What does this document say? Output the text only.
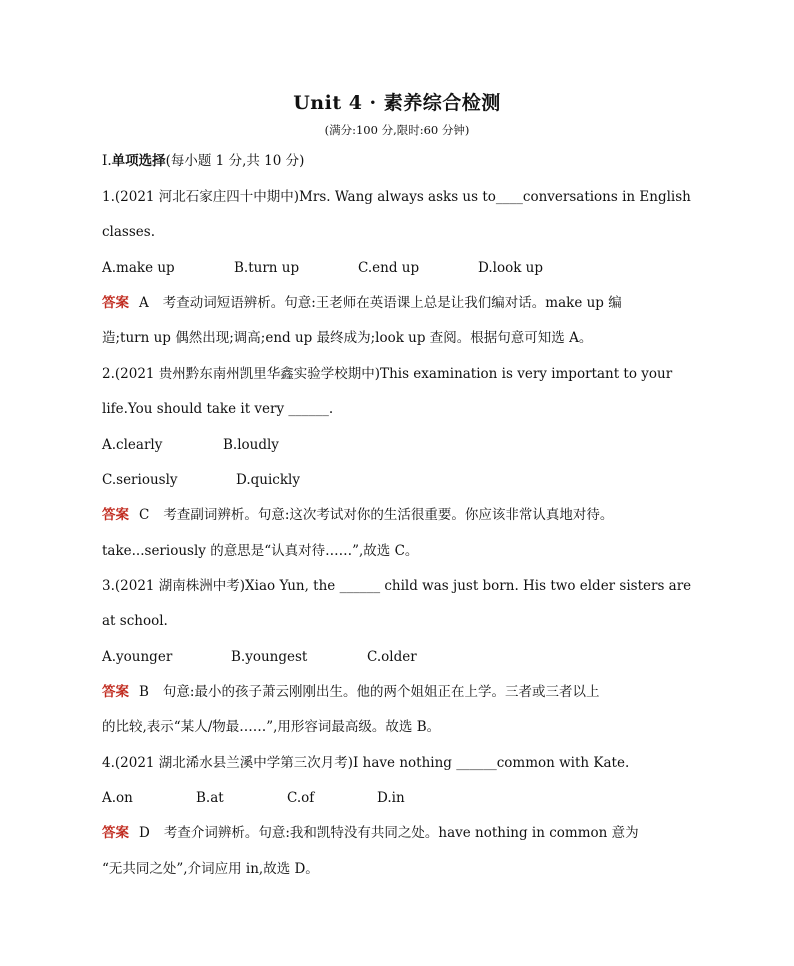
Unit 4 · 素养综合检测
(满分:100 分,限时:60 分钟)
Ⅰ.单项选择(每小题 1 分,共 10 分)
1.(2021 河北石家庄四十中期中)Mrs. Wang always asks us to____conversations in English
classes.
A.make up	B.turn up	C.end up	D.look up
答案 A 考查动词短语辨析。句意:王老师在英语课上总是让我们编对话。make up 编
造;turn up 偶然出现;调高;end up 最终成为;look up 查阅。根据句意可知选 A。
2.(2021 贵州黔东南州凯里华鑫实验学校期中)This examination is very important to your
life.You should take it very ______.
A.clearly	B.loudly
C.seriously	D.quickly
答案 C 考查副词辨析。句意:这次考试对你的生活很重要。你应该非常认真地对待。
take...seriously 的意思是“认真对待……”,故选 C。
3.(2021 湖南株洲中考)Xiao Yun, the ______ child was just born. His two elder sisters are
at school.
A.younger	B.youngest	C.older
答案 B 句意:最小的孩子萧云刚刚出生。他的两个姐姐正在上学。三者或三者以上
的比较,表示“某人/物最……”,用形容词最高级。故选 B。
4.(2021 湖北浠水县兰溪中学第三次月考)I have nothing ______common with Kate.
A.on	B.at	C.of	D.in
答案 D 考查介词辨析。句意:我和凯特没有共同之处。have nothing in common 意为
“无共同之处”,介词应用 in,故选 D。
